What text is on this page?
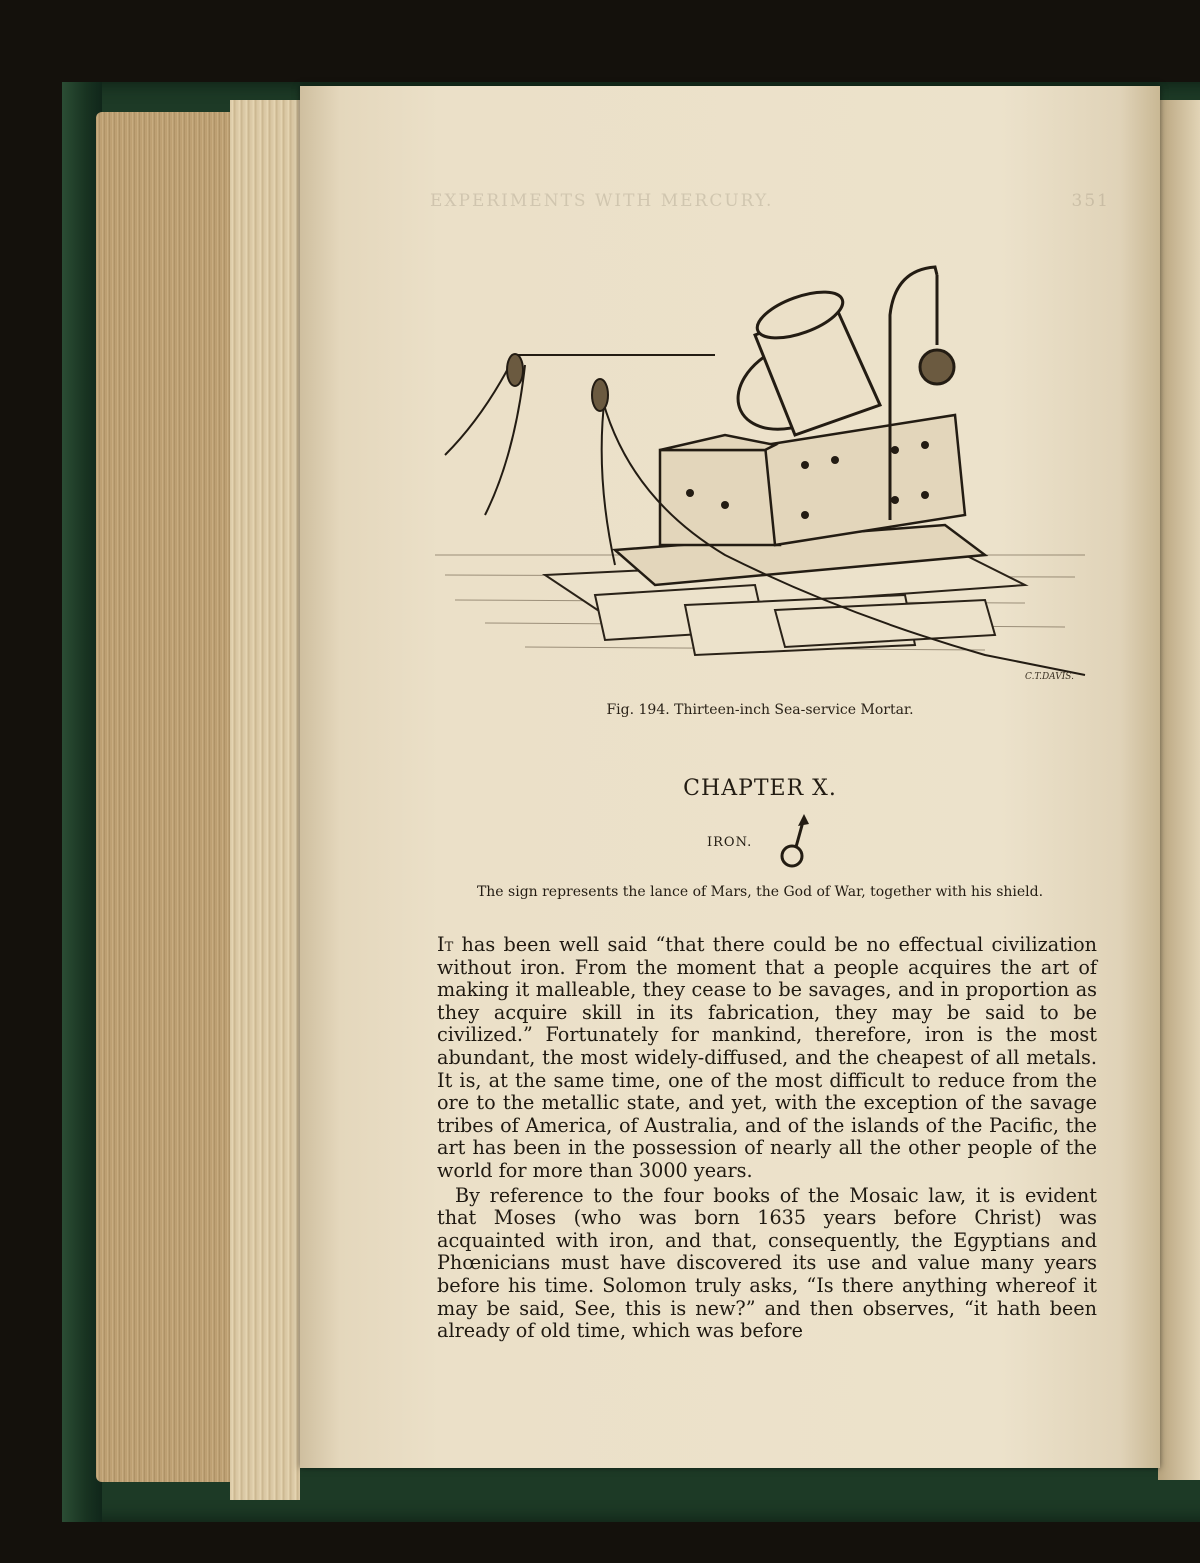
EXPERIMENTS WITH MERCURY.	351
C.T.DAVIS.
Fig. 194. Thirteen-inch Sea-service Mortar.
CHAPTER X.
IRON.
The sign represents the lance of Mars, the God of War, together with his shield.

It has been well said “that there could be no effectual civilization without iron. From the moment that a people acquires the art of making it malleable, they cease to be savages, and in proportion as they acquire skill in its fabrication, they may be said to be civilized.” Fortunately for mankind, therefore, iron is the most abundant, the most widely-diffused, and the cheapest of all metals. It is, at the same time, one of the most difficult to reduce from the ore to the metallic state, and yet, with the exception of the savage tribes of America, of Australia, and of the islands of the Pacific, the art has been in the possession of nearly all the other people of the world for more than 3000 years.

By reference to the four books of the Mosaic law, it is evident that Moses (who was born 1635 years before Christ) was acquainted with iron, and that, consequently, the Egyptians and Phœnicians must have discovered its use and value many years before his time. Solomon truly asks, “Is there anything whereof it may be said, See, this is new?” and then observes, “it hath been already of old time, which was before
